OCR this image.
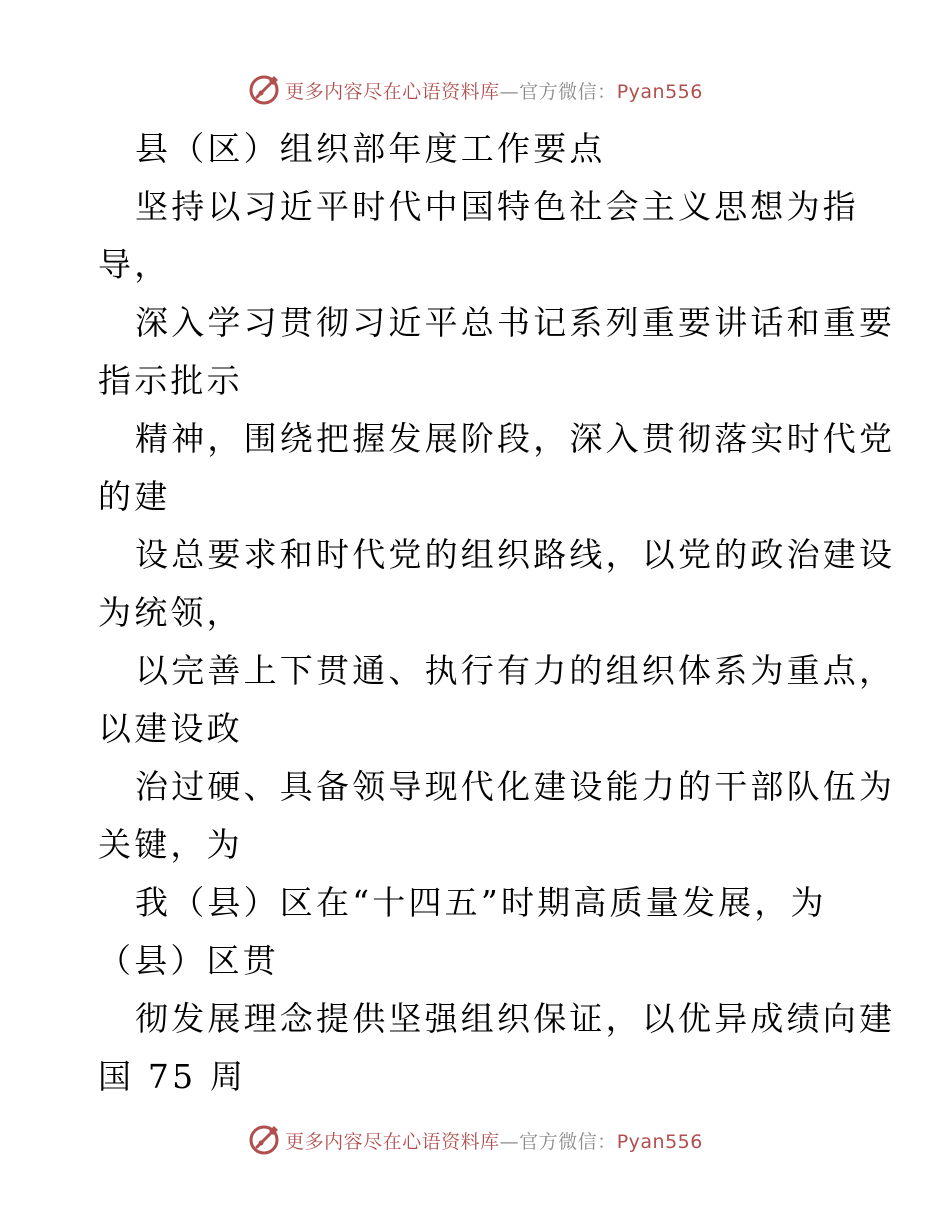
更多内容尽在心语资料库—官方微信：Pyan556
县（区）组织部年度工作要点
坚持以习近平时代中国特色社会主义思想为指
导，
深入学习贯彻习近平总书记系列重要讲话和重要
指示批示
精神，围绕把握发展阶段，深入贯彻落实时代党
的建
设总要求和时代党的组织路线，以党的政治建设
为统领，
以完善上下贯通、执行有力的组织体系为重点，
以建设政
治过硬、具备领导现代化建设能力的干部队伍为
关键，为
我（县）区在“十四五”时期高质量发展，为
（县）区贯
彻发展理念提供坚强组织保证，以优异成绩向建
国 75 周
更多内容尽在心语资料库—官方微信：Pyan556
